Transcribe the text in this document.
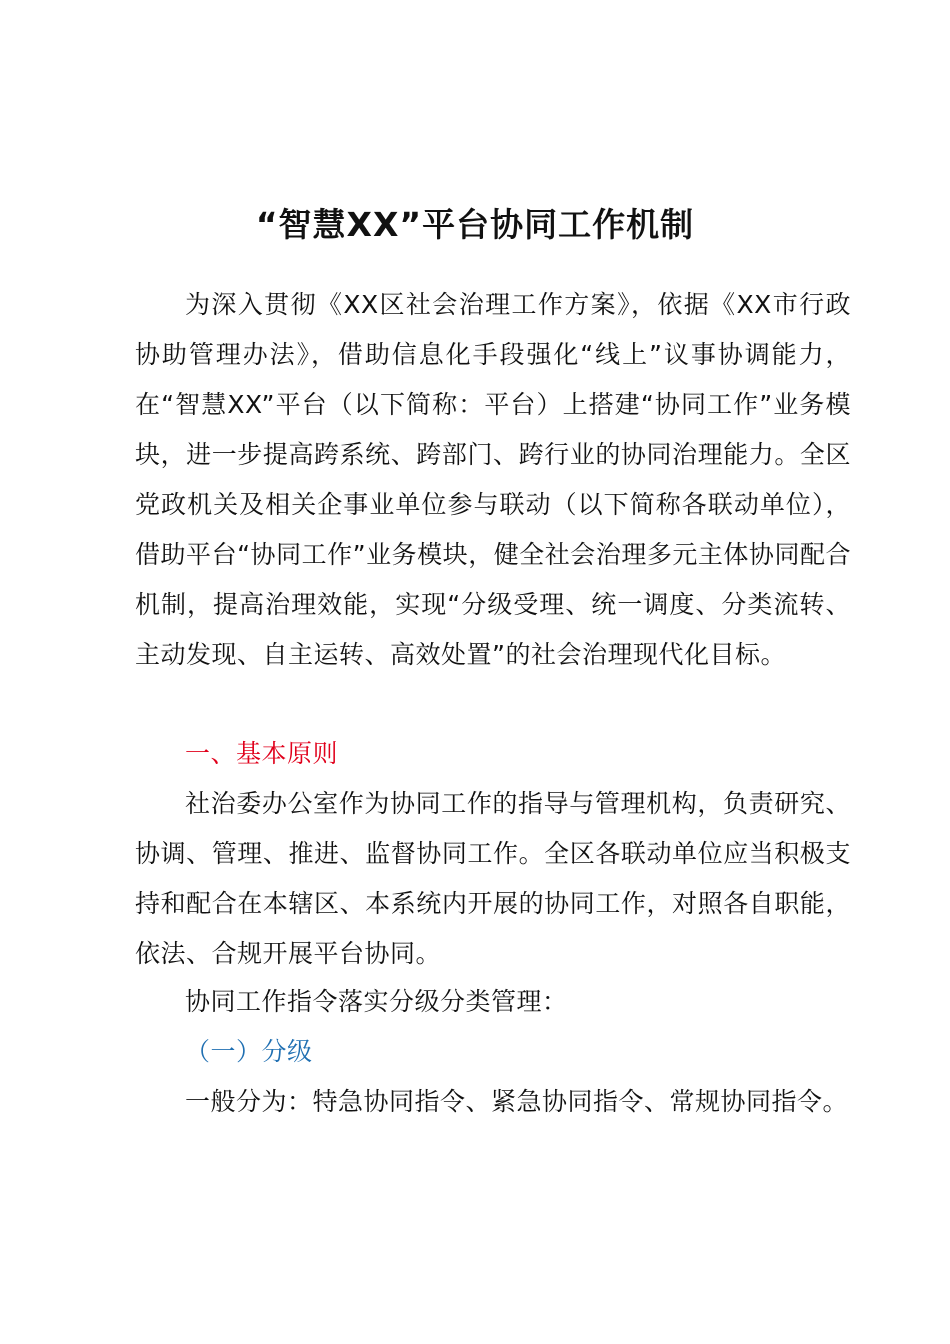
“智慧XX”平台协同工作机制

为深入贯彻《XX区社会治理工作方案》，依据《XX市行政协助管理办法》，借助信息化手段强化“线上”议事协调能力，在“智慧XX”平台（以下简称：平台）上搭建“协同工作”业务模块，进一步提高跨系统、跨部门、跨行业的协同治理能力。全区党政机关及相关企事业单位参与联动（以下简称各联动单位），借助平台“协同工作”业务模块，健全社会治理多元主体协同配合机制，提高治理效能，实现“分级受理、统一调度、分类流转、主动发现、自主运转、高效处置”的社会治理现代化目标。

一、基本原则

社治委办公室作为协同工作的指导与管理机构，负责研究、协调、管理、推进、监督协同工作。全区各联动单位应当积极支持和配合在本辖区、本系统内开展的协同工作，对照各自职能，依法、合规开展平台协同。

协同工作指令落实分级分类管理：

（一）分级

一般分为：特急协同指令、紧急协同指令、常规协同指令。
